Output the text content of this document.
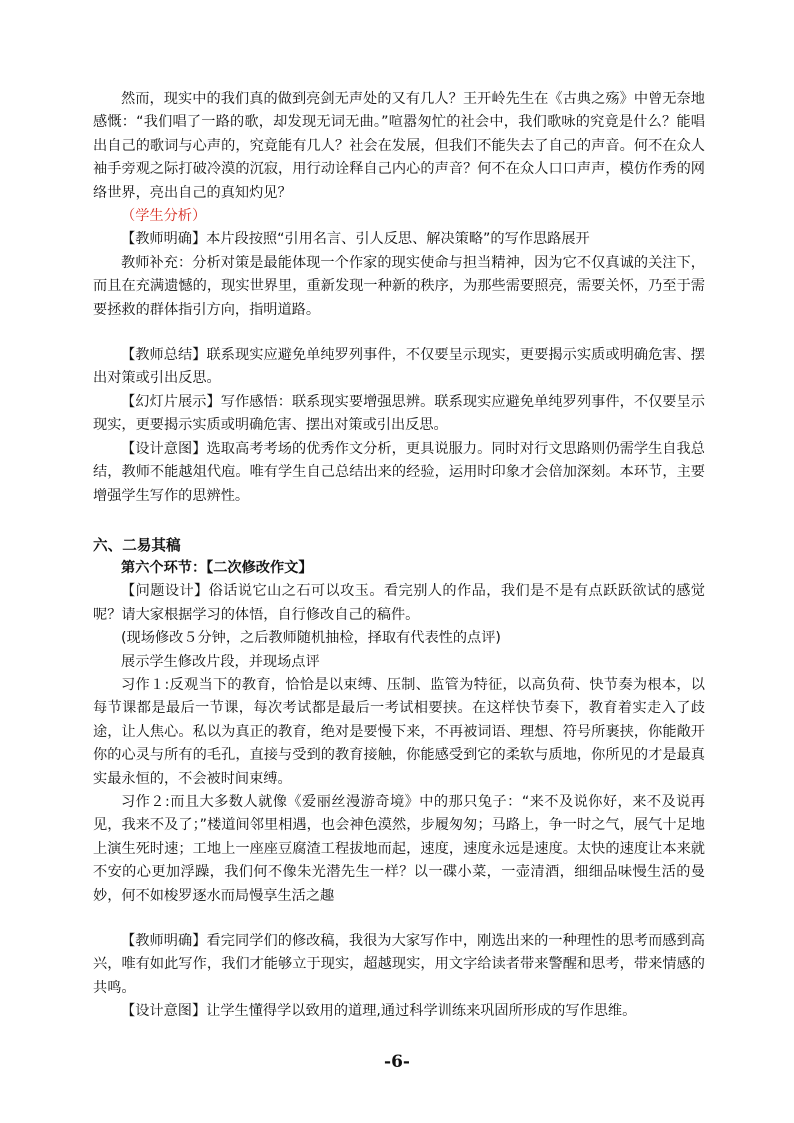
然而，现实中的我们真的做到亮剑无声处的又有几人？王开岭先生在《古典之殇》中曾无奈地感慨：“我们唱了一路的歌，却发现无词无曲。”喧嚣匆忙的社会中，我们歌咏的究竟是什么？能唱出自己的歌词与心声的，究竟能有几人？社会在发展，但我们不能失去了自己的声音。何不在众人袖手旁观之际打破冷漠的沉寂，用行动诠释自己内心的声音？何不在众人口口声声，模仿作秀的网络世界，亮出自己的真知灼见？

（学生分析）

【教师明确】本片段按照“引用名言、引人反思、解决策略”的写作思路展开

教师补充：分析对策是最能体现一个作家的现实使命与担当精神，因为它不仅真诚的关注下，而且在充满遗憾的，现实世界里，重新发现一种新的秩序，为那些需要照亮，需要关怀，乃至于需要拯救的群体指引方向，指明道路。

【教师总结】联系现实应避免单纯罗列事件，不仅要呈示现实，更要揭示实质或明确危害、摆出对策或引出反思。

【幻灯片展示】写作感悟：联系现实要增强思辨。联系现实应避免单纯罗列事件，不仅要呈示现实，更要揭示实质或明确危害、摆出对策或引出反思。

【设计意图】选取高考考场的优秀作文分析，更具说服力。同时对行文思路则仍需学生自我总结，教师不能越俎代庖。唯有学生自己总结出来的经验，运用时印象才会倍加深刻。本环节，主要增强学生写作的思辨性。

六、二易其稿

第六个环节：【二次修改作文】

【问题设计】俗话说它山之石可以攻玉。看完别人的作品，我们是不是有点跃跃欲试的感觉呢？请大家根据学习的体悟，自行修改自己的稿件。

(现场修改５分钟，之后教师随机抽检，择取有代表性的点评)

展示学生修改片段，并现场点评

习作１:反观当下的教育，恰恰是以束缚、压制、监管为特征，以高负荷、快节奏为根本，以每节课都是最后一节课，每次考试都是最后一考试相要挟。在这样快节奏下，教育着实走入了歧途，让人焦心。私以为真正的教育，绝对是要慢下来，不再被词语、理想、符号所裹挟，你能敞开你的心灵与所有的毛孔，直接与受到的教育接触，你能感受到它的柔软与质地，你所见的才是最真实最永恒的，不会被时间束缚。

习作２:而且大多数人就像《爱丽丝漫游奇境》中的那只兔子：“来不及说你好，来不及说再见，我来不及了；”楼道间邻里相遇，也会神色漠然，步履匆匆；马路上，争一时之气，展气十足地上演生死时速；工地上一座座豆腐渣工程拔地而起，速度，速度永远是速度。太快的速度让本来就不安的心更加浮躁，我们何不像朱光潜先生一样？以一碟小菜，一壶清酒，细细品味慢生活的曼妙，何不如梭罗逐水而局慢享生活之趣

【教师明确】看完同学们的修改稿，我很为大家写作中，刚选出来的一种理性的思考而感到高兴，唯有如此写作，我们才能够立于现实，超越现实，用文字给读者带来警醒和思考，带来情感的共鸣。

【设计意图】让学生懂得学以致用的道理,通过科学训练来巩固所形成的写作思维。

-6-
